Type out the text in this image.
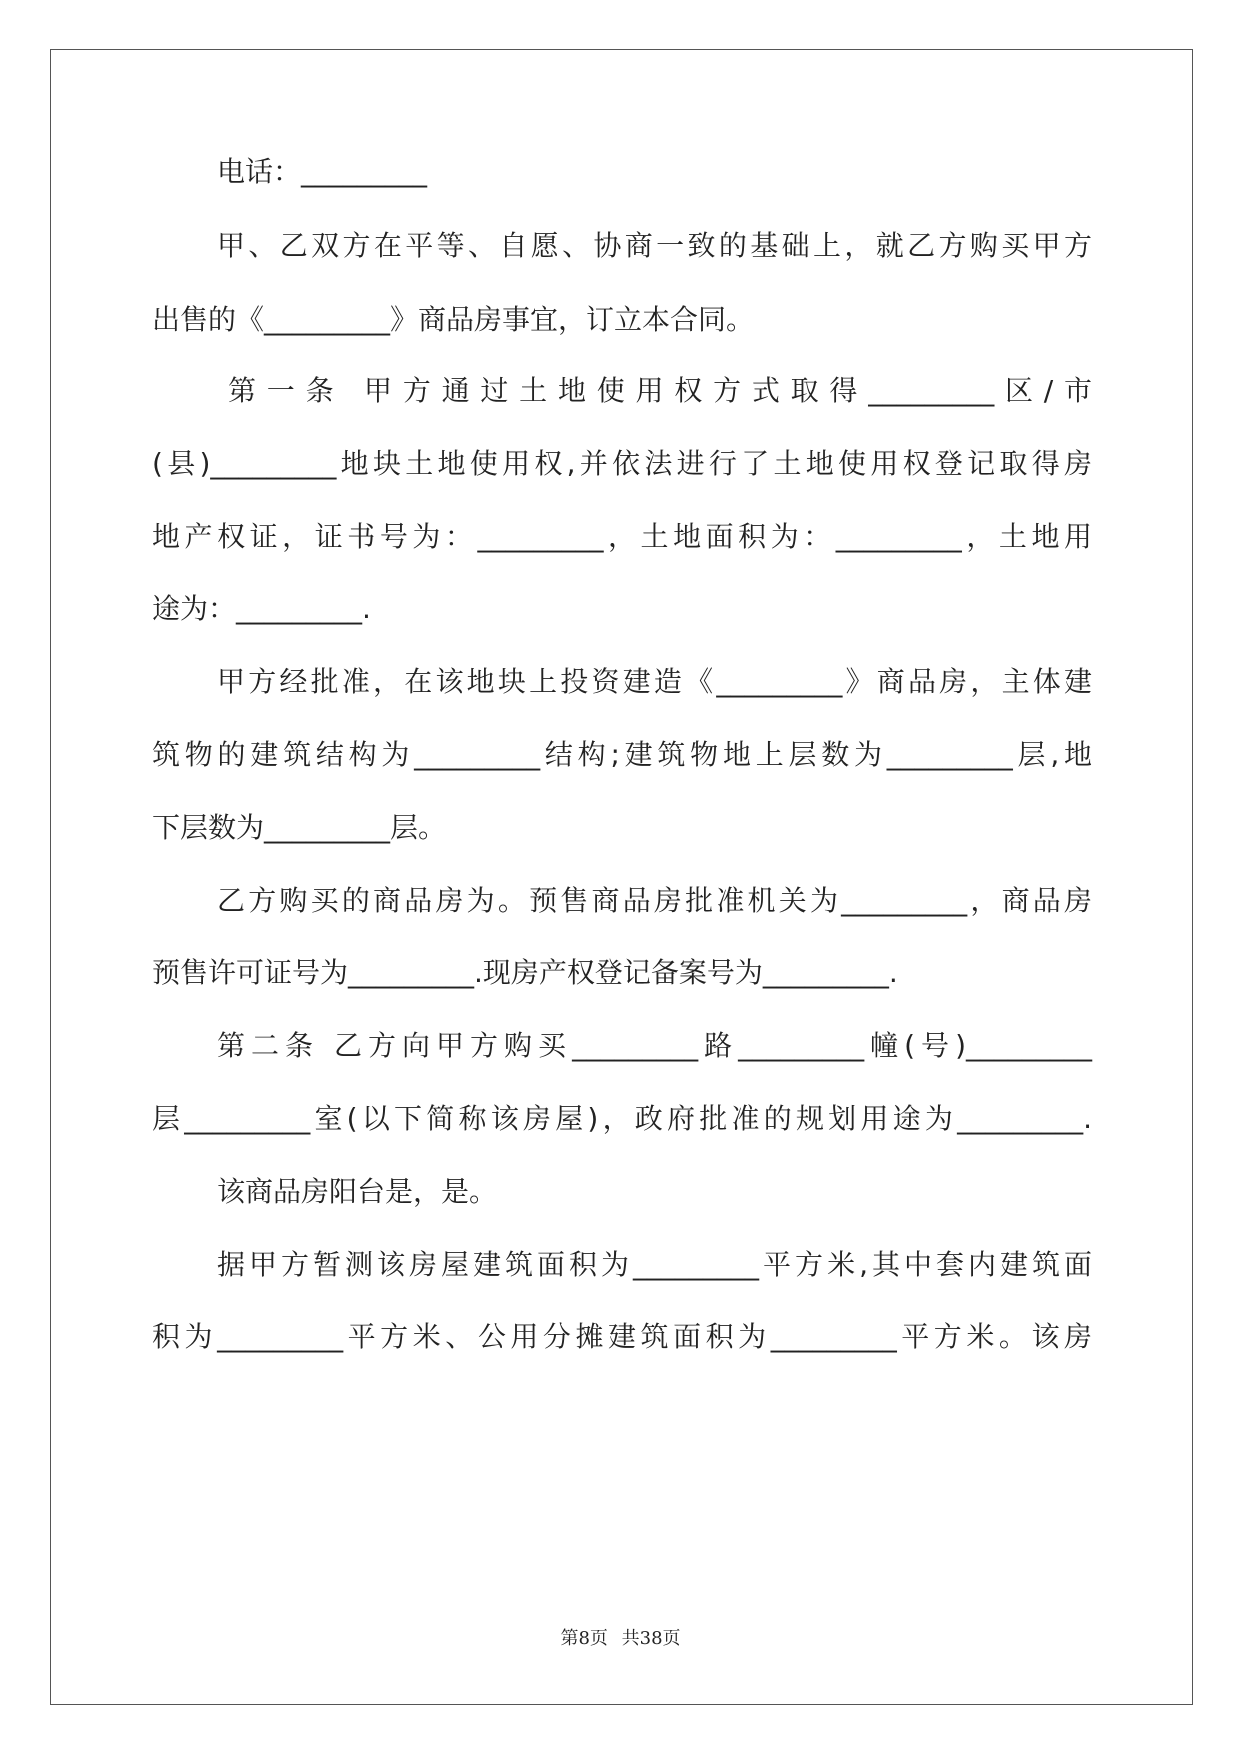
电话：_________
甲、乙双方在平等、自愿、协商一致的基础上，就乙方购买甲方
出售的《_________》商品房事宜，订立本合同。
第一条 甲方通过土地使用权方式取得_________区/市
(县)_________地块土地使用权,并依法进行了土地使用权登记取得房
地产权证，证书号为：_________，土地面积为：_________，土地用
途为：_________.
甲方经批准，在该地块上投资建造《_________》商品房，主体建
筑物的建筑结构为_________结构;建筑物地上层数为_________层,地
下层数为_________层。
乙方购买的商品房为。预售商品房批准机关为_________，商品房
预售许可证号为_________.现房产权登记备案号为_________.
第二条 乙方向甲方购买_________路_________幢(号)_________
层_________室(以下简称该房屋)，政府批准的规划用途为_________.
该商品房阳台是，是。
据甲方暂测该房屋建筑面积为_________平方米,其中套内建筑面
积为_________平方米、公用分摊建筑面积为_________平方米。该房
第8页 共38页
